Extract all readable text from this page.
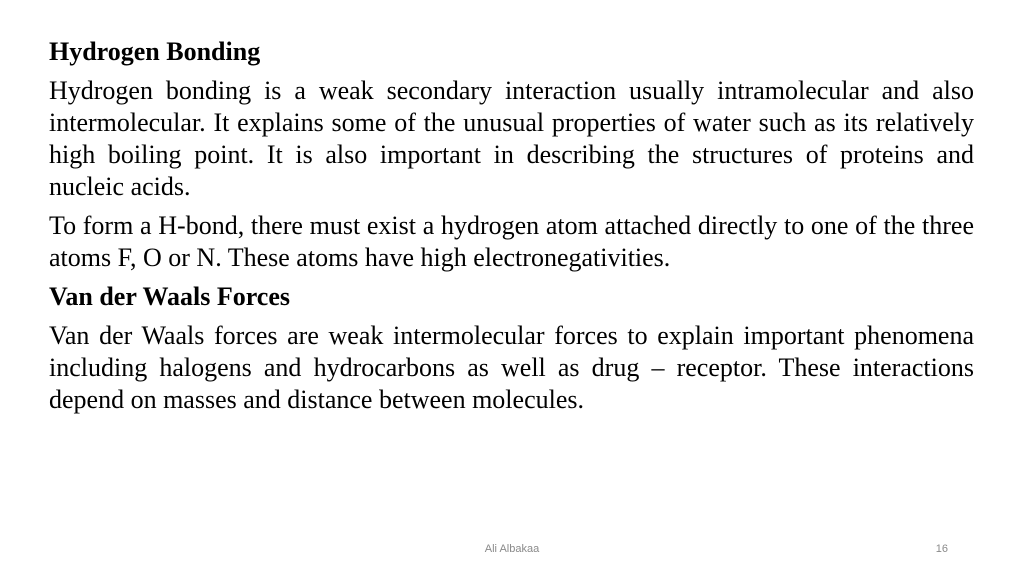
Hydrogen Bonding
Hydrogen bonding is a weak secondary interaction usually intramolecular and also intermolecular. It explains some of the unusual properties of water such as its relatively high boiling point. It is also important in describing the structures of proteins and nucleic acids.
To form a H-bond, there must exist a hydrogen atom attached directly to one of the three atoms F, O or N. These atoms have high electronegativities.
Van der Waals Forces
Van der Waals forces are weak intermolecular forces to explain important phenomena including halogens and hydrocarbons as well as drug – receptor. These interactions depend on masses and distance between molecules.
Ali Albakaa	16
